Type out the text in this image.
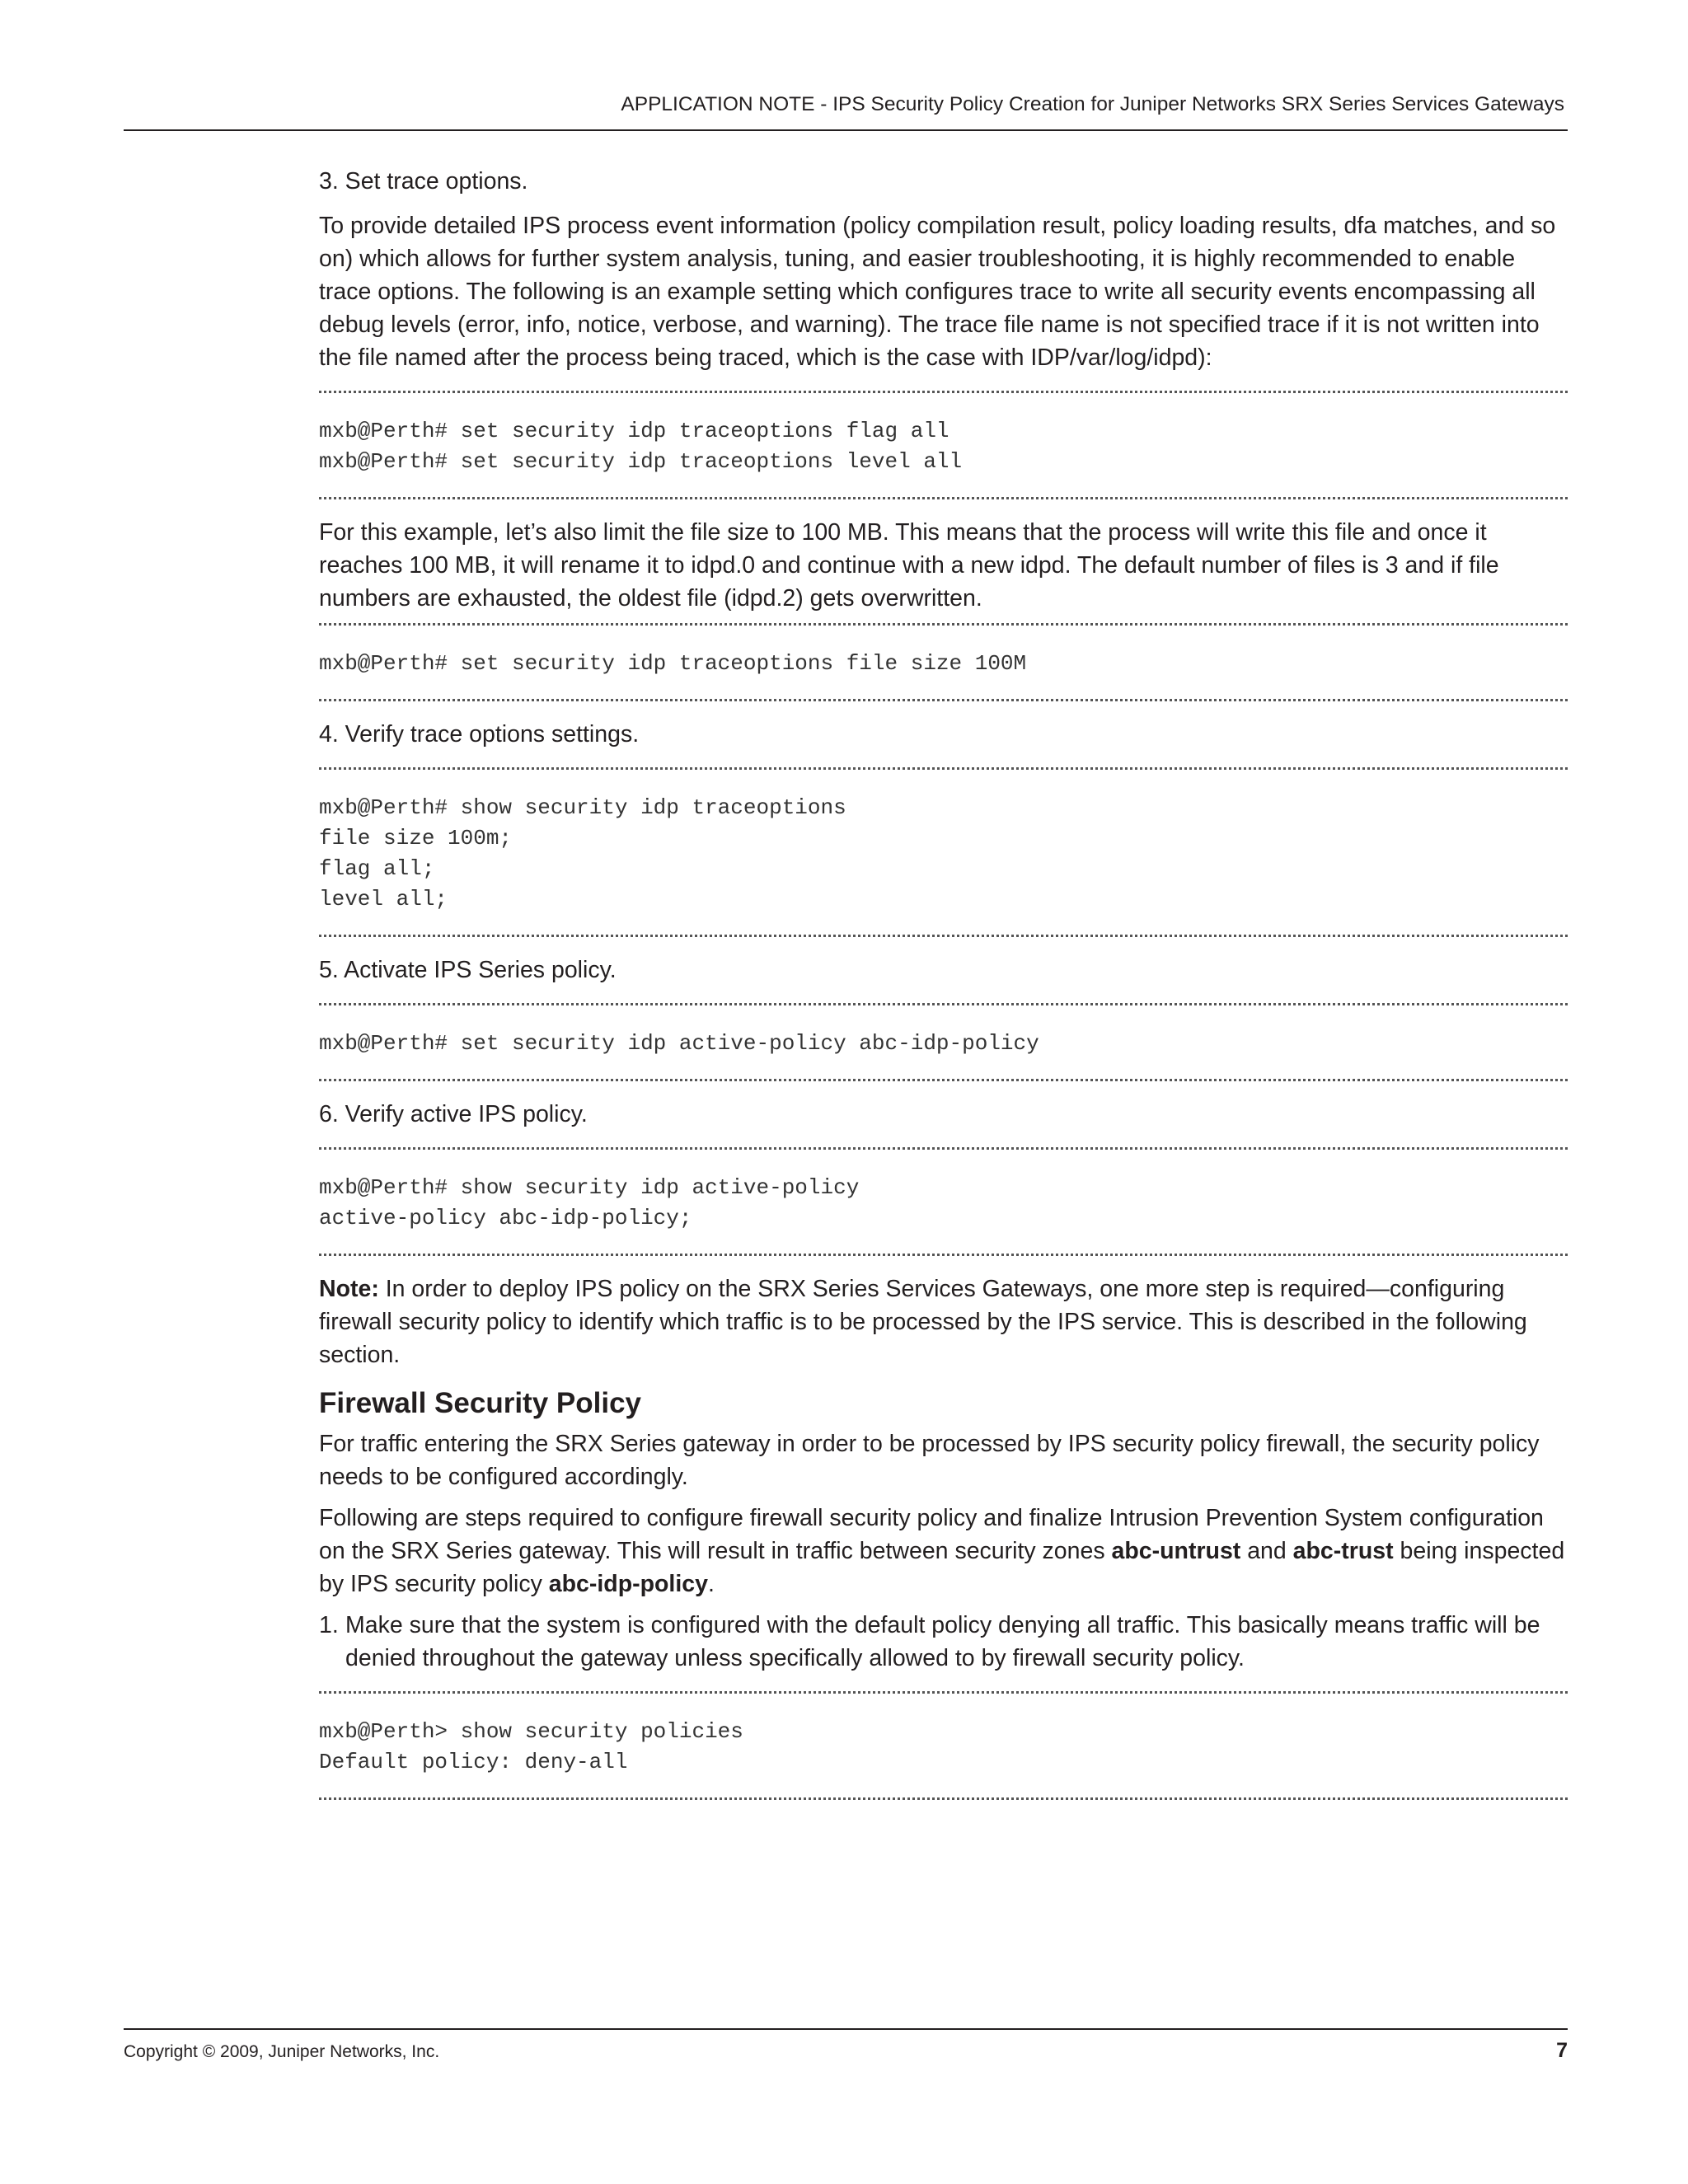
APPLICATION NOTE - IPS Security Policy Creation for Juniper Networks SRX Series Services Gateways

3. Set trace options.

To provide detailed IPS process event information (policy compilation result, policy loading results, dfa matches, and so on) which allows for further system analysis, tuning, and easier troubleshooting, it is highly recommended to enable trace options. The following is an example setting which configures trace to write all security events encompassing all debug levels (error, info, notice, verbose, and warning). The trace file name is not specified trace if it is not written into the file named after the process being traced, which is the case with IDP/var/log/idpd):

mxb@Perth# set security idp traceoptions flag all

mxb@Perth# set security idp traceoptions level all

For this example, let’s also limit the file size to 100 MB. This means that the process will write this file and once it reaches 100 MB, it will rename it to idpd.0 and continue with a new idpd. The default number of files is 3 and if file numbers are exhausted, the oldest file (idpd.2) gets overwritten.

mxb@Perth# set security idp traceoptions file size 100M

4. Verify trace options settings.

mxb@Perth# show security idp traceoptions

file size 100m;

flag all;

level all;

5. Activate IPS Series policy.

mxb@Perth# set security idp active-policy abc-idp-policy

6. Verify active IPS policy.

mxb@Perth# show security idp active-policy

active-policy abc-idp-policy;

Note: In order to deploy IPS policy on the SRX Series Services Gateways, one more step is required—configuring firewall security policy to identify which traffic is to be processed by the IPS service. This is described in the following section.

Firewall Security Policy

For traffic entering the SRX Series gateway in order to be processed by IPS security policy firewall, the security policy needs to be configured accordingly.

Following are steps required to configure firewall security policy and finalize Intrusion Prevention System configuration on the SRX Series gateway. This will result in traffic between security zones abc-untrust and abc-trust being inspected by IPS security policy abc-idp-policy.

1. Make sure that the system is configured with the default policy denying all traffic. This basically means traffic will be denied throughout the gateway unless specifically allowed to by firewall security policy.

mxb@Perth> show security policies

Default policy: deny-all

Copyright © 2009, Juniper Networks, Inc.	7
